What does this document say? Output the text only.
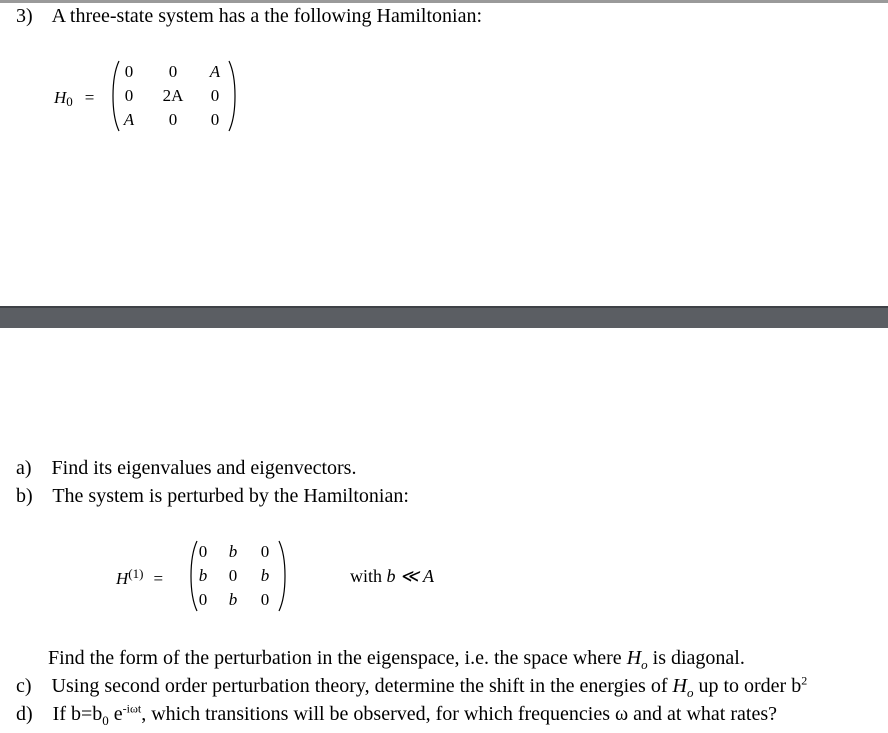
3) A three-state system has a the following Hamiltonian:
H0 =
0	0	A
0	2A	0
A	0	0
a) Find its eigenvalues and eigenvectors.
b) The system is perturbed by the Hamiltonian:
$H^{(1)}$ =
0	b	0
b	0	b
0	b	0
with b ≪ A
Find the form of the perturbation in the eigenspace, i.e. the space where $H_o$ is diagonal.
c) Using second order perturbation theory, determine the shift in the energies of $H_o$ up to order $b^2$
d) If $b=b_0$ $e^{-i\omega t}$, which transitions will be observed, for which frequencies ω and at what rates?
